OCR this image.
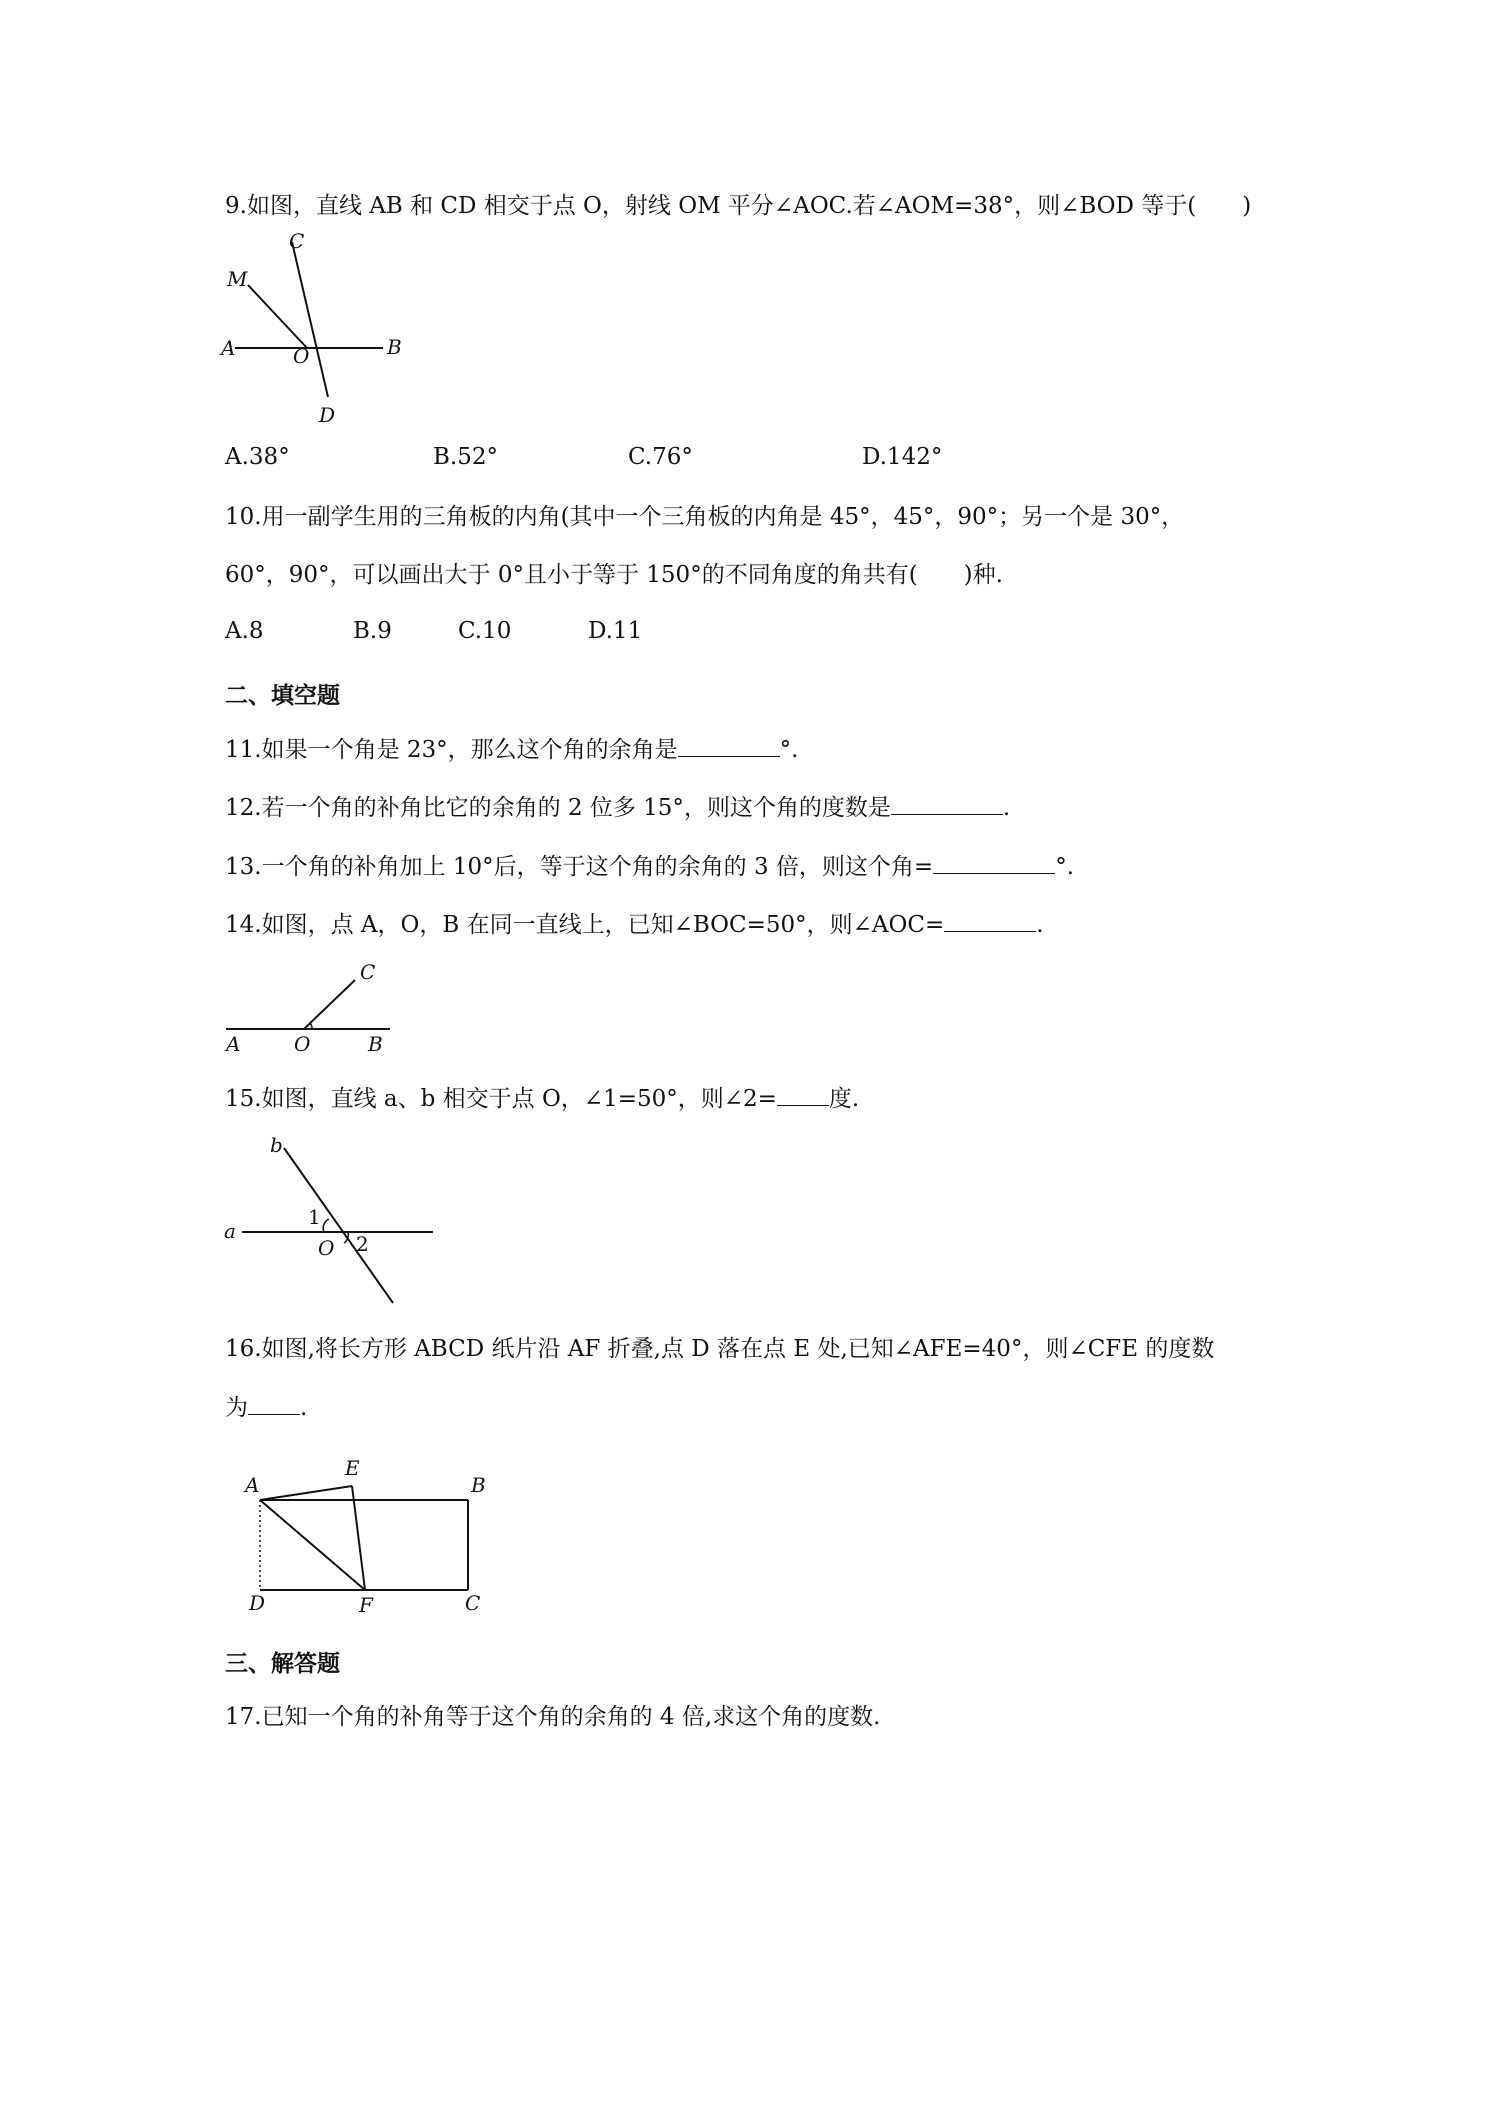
9.如图，直线 AB 和 CD 相交于点 O，射线 OM 平分∠AOC.若∠AOM=38°，则∠BOD 等于(　　)
C
M
A	O	B
D
A.38°	B.52°	C.76°	D.142°
10.用一副学生用的三角板的内角(其中一个三角板的内角是 45°，45°，90°；另一个是 30°，
60°，90°，可以画出大于 0°且小于等于 150°的不同角度的角共有(　　)种.
A.8	B.9	C.10	D.11
二、填空题
11.如果一个角是 23°，那么这个角的余角是	°.
12.若一个角的补角比它的余角的 2 位多 15°，则这个角的度数是	.
13.一个角的补角加上 10°后，等于这个角的余角的 3 倍，则这个角=	°.
14.如图，点 A，O，B 在同一直线上，已知∠BOC=50°，则∠AOC=	.
A	O	B
C
15.如图，直线 a、b 相交于点 O，∠1=50°，则∠2= 度.
b
a
1
O 2
16.如图,将长方形 ABCD 纸片沿 AF 折叠,点 D 落在点 E 处,已知∠AFE=40°，则∠CFE 的度数
为 .
A
E
B
D	F	C
三、解答题
17.已知一个角的补角等于这个角的余角的 4 倍,求这个角的度数.
